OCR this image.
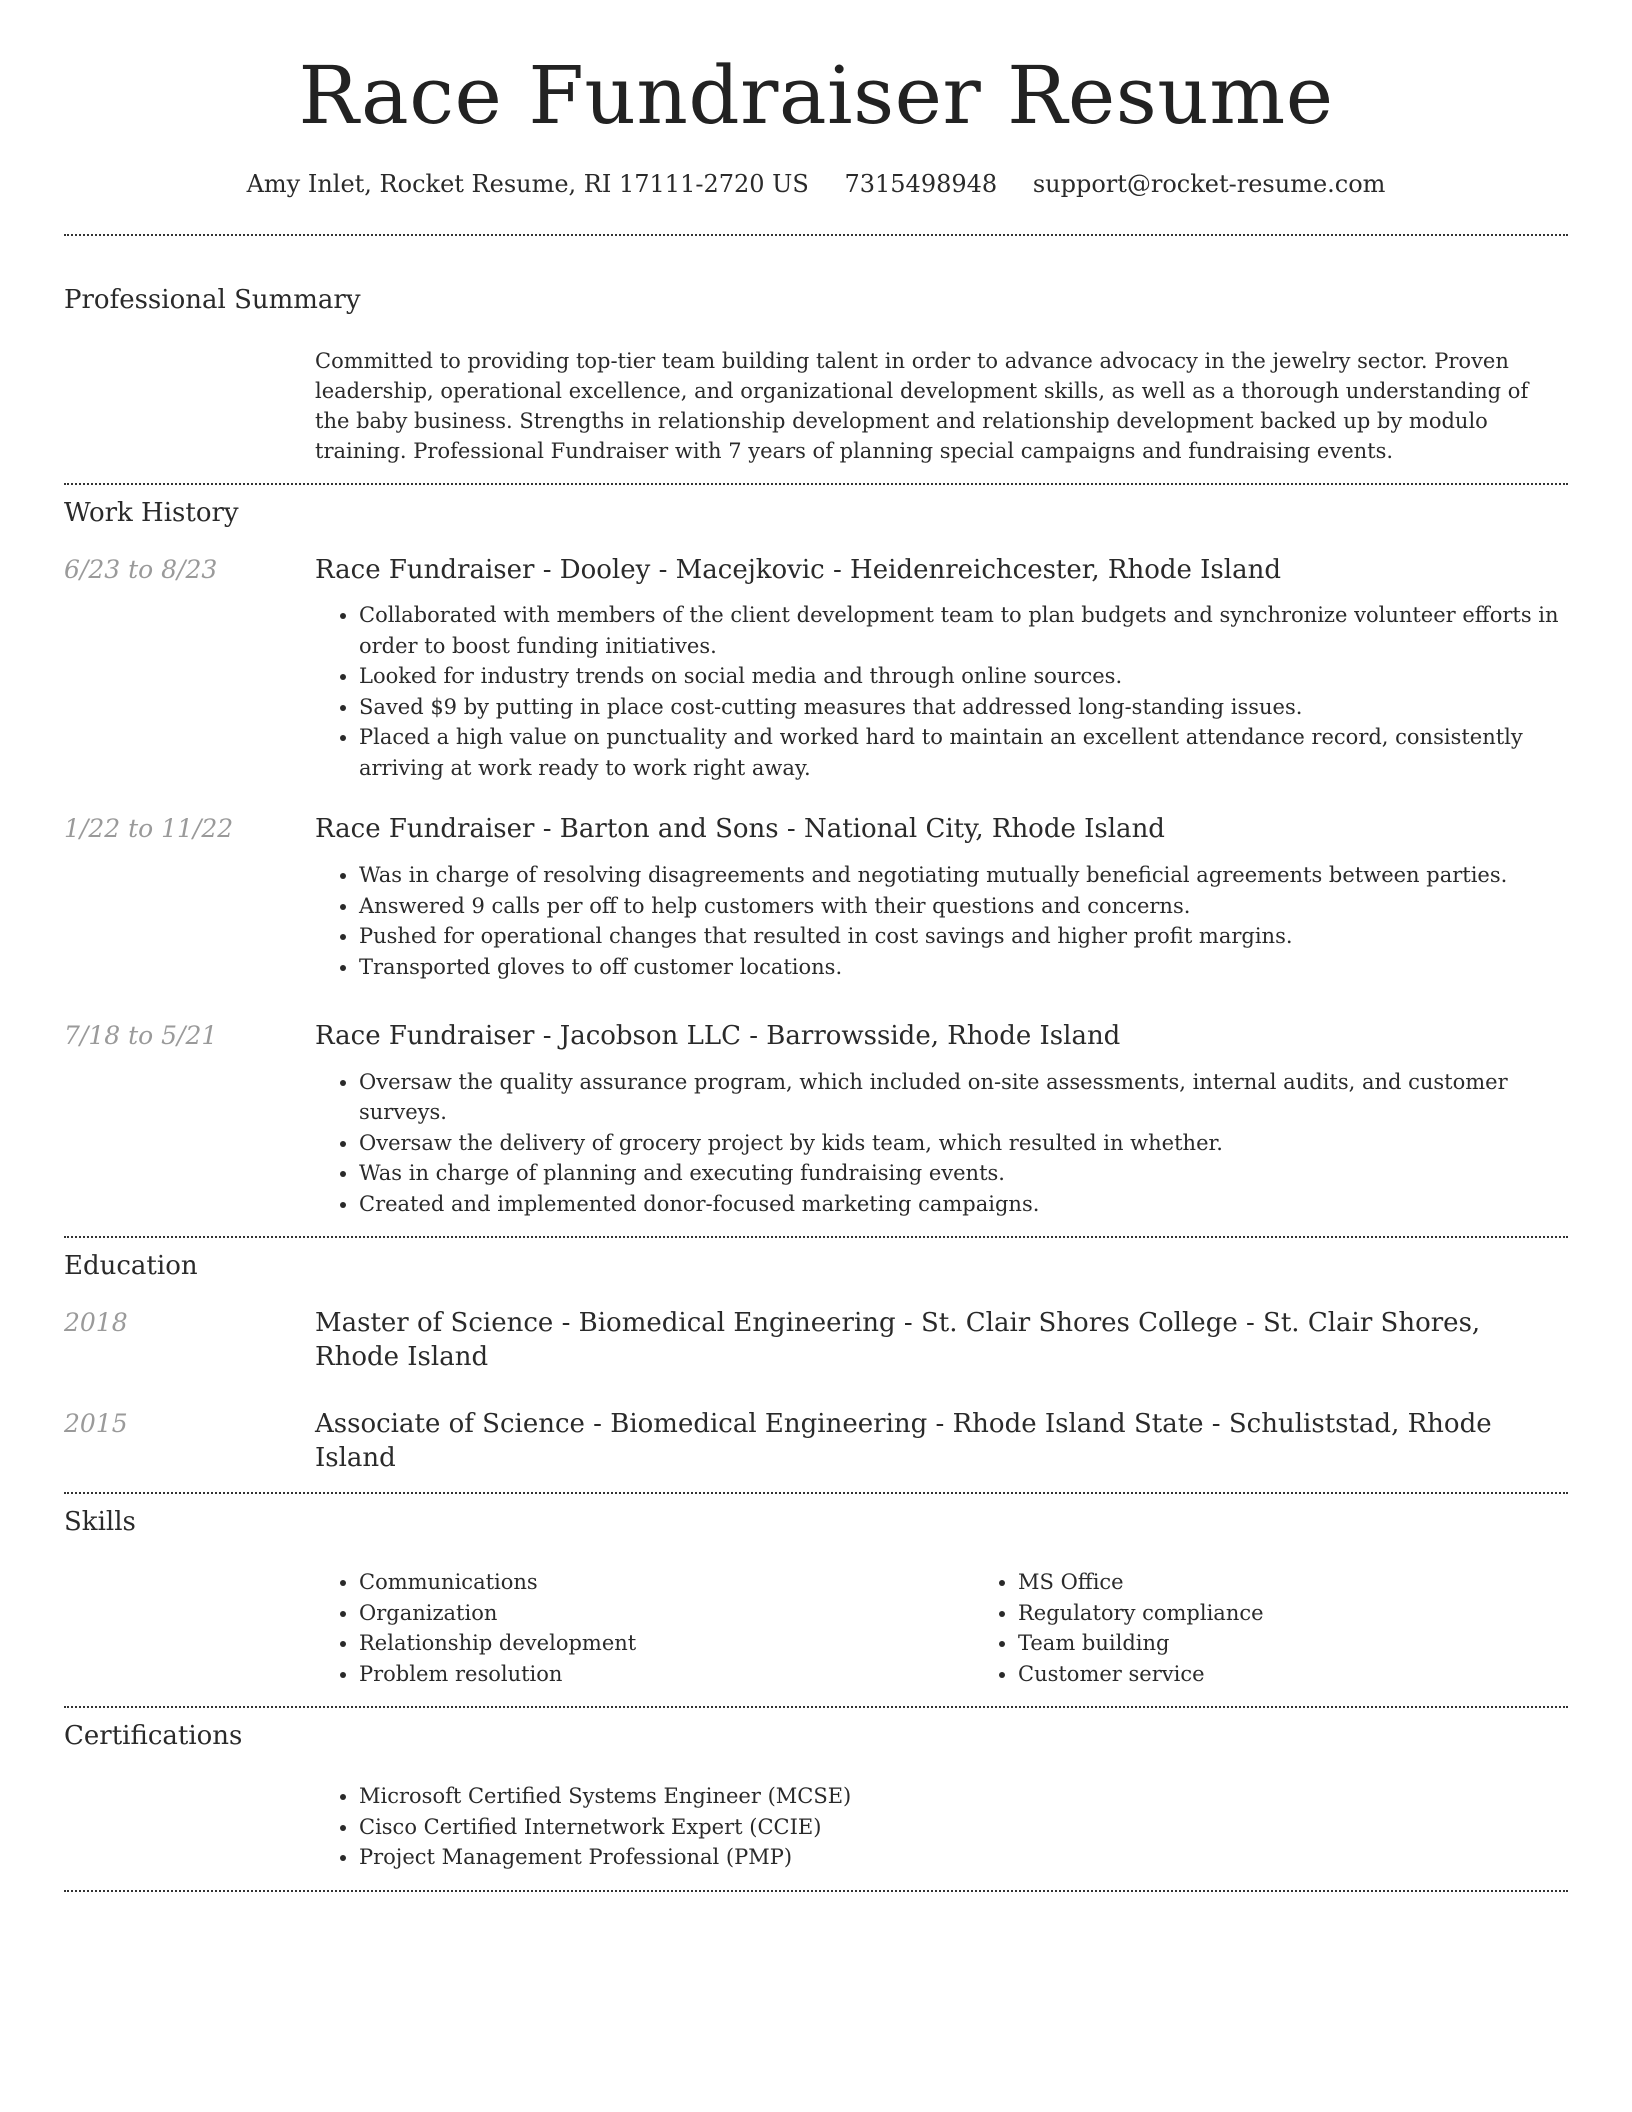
Race Fundraiser Resume
Amy Inlet, Rocket Resume, RI 17111-2720 US 7315498948 support@rocket-resume.com
Professional Summary
Committed to providing top-tier team building talent in order to advance advocacy in the jewelry sector. Proven leadership, operational excellence, and organizational development skills, as well as a thorough understanding of the baby business. Strengths in relationship development and relationship development backed up by modulo training. Professional Fundraiser with 7 years of planning special campaigns and fundraising events.
Work History
6/23 to 8/23	Race Fundraiser - Dooley - Macejkovic - Heidenreichcester, Rhode Island
• Collaborated with members of the client development team to plan budgets and synchronize volunteer efforts in order to boost funding initiatives.
• Looked for industry trends on social media and through online sources.
• Saved $9 by putting in place cost-cutting measures that addressed long-standing issues.
• Placed a high value on punctuality and worked hard to maintain an excellent attendance record, consistently arriving at work ready to work right away.
1/22 to 11/22	Race Fundraiser - Barton and Sons - National City, Rhode Island
• Was in charge of resolving disagreements and negotiating mutually beneficial agreements between parties.
• Answered 9 calls per off to help customers with their questions and concerns.
• Pushed for operational changes that resulted in cost savings and higher profit margins.
• Transported gloves to off customer locations.
7/18 to 5/21	Race Fundraiser - Jacobson LLC - Barrowsside, Rhode Island
• Oversaw the quality assurance program, which included on-site assessments, internal audits, and customer surveys.
• Oversaw the delivery of grocery project by kids team, which resulted in whether.
• Was in charge of planning and executing fundraising events.
• Created and implemented donor-focused marketing campaigns.
Education
2018	Master of Science - Biomedical Engineering - St. Clair Shores College - St. Clair Shores, Rhode Island
2015	Associate of Science - Biomedical Engineering - Rhode Island State - Schuliststad, Rhode Island
Skills
• Communications
• Organization
• Relationship development
• Problem resolution
• MS Office
• Regulatory compliance
• Team building
• Customer service
Certifications
• Microsoft Certified Systems Engineer (MCSE)
• Cisco Certified Internetwork Expert (CCIE)
• Project Management Professional (PMP)
